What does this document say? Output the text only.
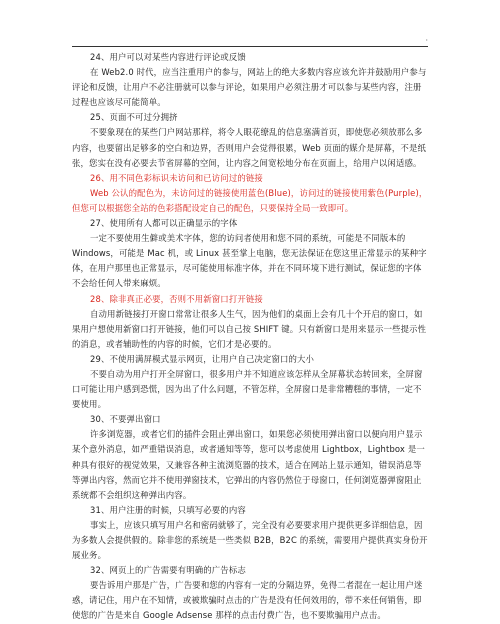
·

24、用户可以对某些内容进行评论或反馈

在 Web2.0 时代，应当注重用户的参与，网站上的绝大多数内容应该允许并鼓励用户参与评论和反馈，让用户不必注册就可以参与评论，如果用户必须注册才可以参与某些内容，注册过程也应该尽可能简单。

25、页面不可过分拥挤

不要象现在的某些门户网站那样，将令人眼花缭乱的信息塞满首页，即使您必须放那么多内容，也要留出足够多的空白和边界，否则用户会觉得很累，Web 页面的媒介是屏幕，不是纸张，您实在没有必要去节省屏幕的空间，让内容之间宽松地分布在页面上，给用户以闲适感。

26、用不同色彩标识未访问和已访问过的链接

Web 公认的配色为，未访问过的链接使用蓝色(Blue)，访问过的链接使用紫色(Purple)，但您可以根据您全站的色彩搭配设定自己的配色，只要保持全局一致即可。

27、使用所有人都可以正确显示的字体

一定不要使用生僻或美术字体，您的访问者使用和您不同的系统，可能是不同版本的 Windows，可能是 Mac 机，或 Linux 甚至掌上电脑，您无法保证在您这里正常显示的某种字体，在用户那里也正常显示，尽可能使用标准字体，并在不同环境下进行测试，保证您的字体不会给任何人带来麻烦。

28、除非真正必要，否则不用新窗口打开链接

自动用新链接打开窗口常常让很多人生气，因为他们的桌面上会有几十个开启的窗口，如果用户想使用新窗口打开链接，他们可以自己按 SHIFT 键。只有新窗口是用来显示一些提示性的消息，或者辅助性的内容的时候，它们才是必要的。

29、不使用满屏模式显示网页，让用户自己决定窗口的大小

不要自动为用户打开全屏窗口，很多用户并不知道应该怎样从全屏幕状态转回来，全屏窗口可能让用户感到恐慌，因为出了什么问题，不管怎样，全屏窗口是非常糟糕的事情，一定不要使用。

30、不要弹出窗口

许多浏览器，或者它们的插件会阻止弹出窗口，如果您必须使用弹出窗口以便向用户显示某个意外消息，如严重错误消息，或者通知等等，您可以考虑使用 Lightbox，Lightbox 是一种具有很好的视觉效果，又兼容各种主流浏览器的技术，适合在网站上显示通知，错误消息等等弹出内容，然而它并不使用弹窗技术，它弹出的内容仍然位于母窗口，任何浏览器弹窗阻止系统都不会组织这种弹出内容。

31、用户注册的时候，只填写必要的内容

事实上，应该只填写用户名和密码就够了，完全没有必要要求用户提供更多详细信息，因为多数人会提供假的。除非您的系统是一些类似 B2B，B2C 的系统，需要用户提供真实身份开展业务。

32、网页上的广告需要有明确的广告标志

要告诉用户那是广告，广告要和您的内容有一定的分隔边界，免得二者混在一起让用户迷惑，请记住，用户在不知情，或被欺骗时点击的广告是没有任何效用的，带不来任何销售，即使您的广告是来自 Google Adsense 那样的点击付费广告，也不要欺骗用户点击。
